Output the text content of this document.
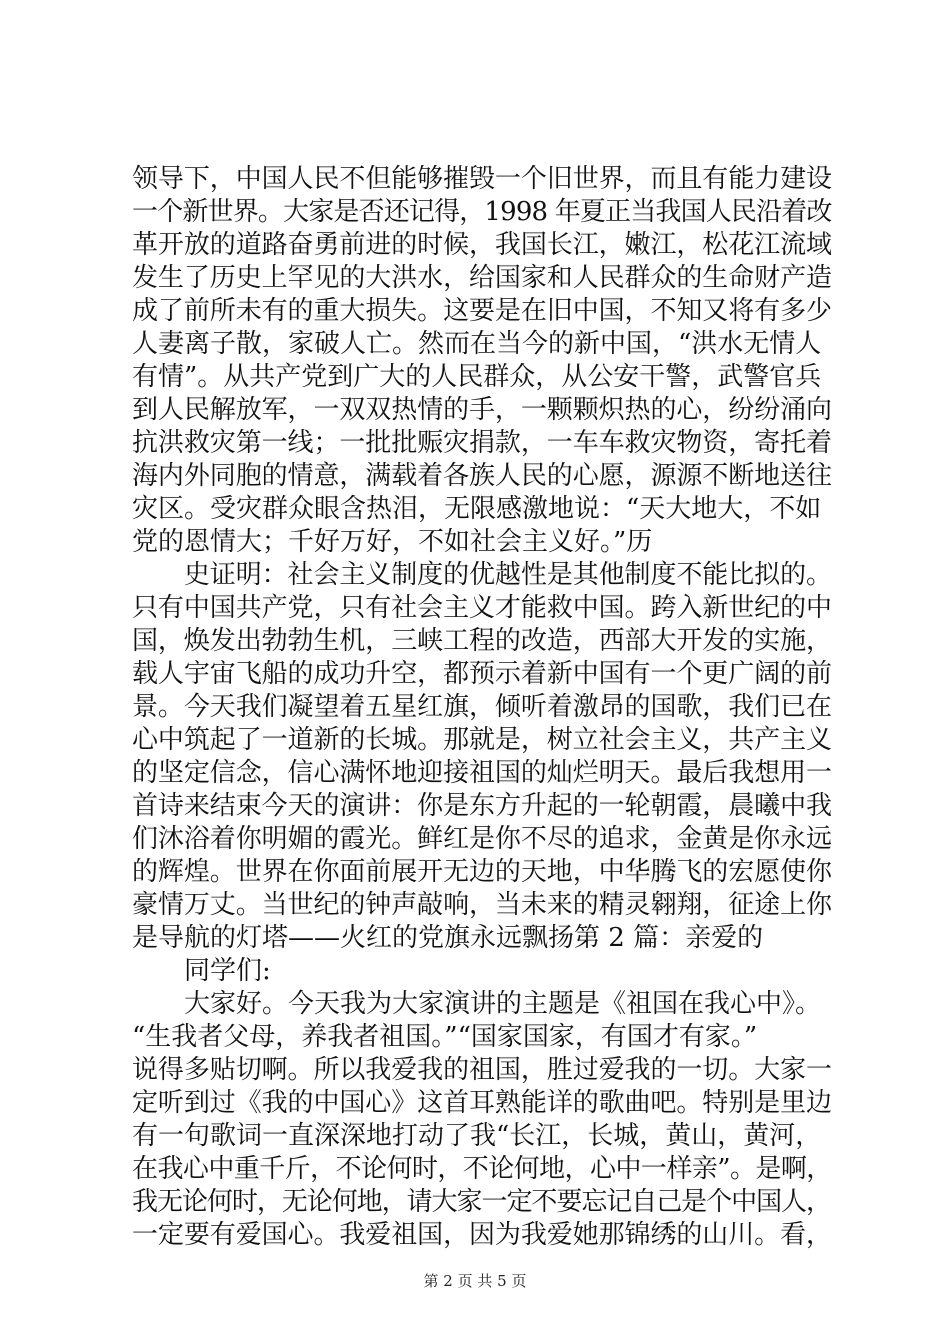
领导下，中国人民不但能够摧毁一个旧世界，而且有能力建设
一个新世界。大家是否还记得，1998 年夏正当我国人民沿着改
革开放的道路奋勇前进的时候，我国长江，嫩江，松花江流域
发生了历史上罕见的大洪水，给国家和人民群众的生命财产造
成了前所未有的重大损失。这要是在旧中国，不知又将有多少
人妻离子散，家破人亡。然而在当今的新中国，“洪水无情人
有情”。从共产党到广大的人民群众，从公安干警，武警官兵
到人民解放军，一双双热情的手，一颗颗炽热的心，纷纷涌向
抗洪救灾第一线；一批批赈灾捐款，一车车救灾物资，寄托着
海内外同胞的情意，满载着各族人民的心愿，源源不断地送往
灾区。受灾群众眼含热泪，无限感激地说：“天大地大，不如
党的恩情大；千好万好，不如社会主义好。”历
　　史证明：社会主义制度的优越性是其他制度不能比拟的。
只有中国共产党，只有社会主义才能救中国。跨入新世纪的中
国，焕发出勃勃生机，三峡工程的改造，西部大开发的实施，
载人宇宙飞船的成功升空，都预示着新中国有一个更广阔的前
景。今天我们凝望着五星红旗，倾听着激昂的国歌，我们已在
心中筑起了一道新的长城。那就是，树立社会主义，共产主义
的坚定信念，信心满怀地迎接祖国的灿烂明天。最后我想用一
首诗来结束今天的演讲：你是东方升起的一轮朝霞，晨曦中我
们沐浴着你明媚的霞光。鲜红是你不尽的追求，金黄是你永远
的辉煌。世界在你面前展开无边的天地，中华腾飞的宏愿使你
豪情万丈。当世纪的钟声敲响，当未来的精灵翱翔，征途上你
是导航的灯塔——火红的党旗永远飘扬第 2 篇：亲爱的
　　同学们:
　　大家好。今天我为大家演讲的主题是《祖国在我心中》。
“生我者父母，养我者祖国。”“国家国家，有国才有家。”
说得多贴切啊。所以我爱我的祖国，胜过爱我的一切。大家一
定听到过《我的中国心》这首耳熟能详的歌曲吧。特别是里边
有一句歌词一直深深地打动了我“长江，长城，黄山，黄河，
在我心中重千斤，不论何时，不论何地，心中一样亲”。是啊，
我无论何时，无论何地，请大家一定不要忘记自己是个中国人，
一定要有爱国心。我爱祖国，因为我爱她那锦绣的山川。看，
第 2 页 共 5 页
